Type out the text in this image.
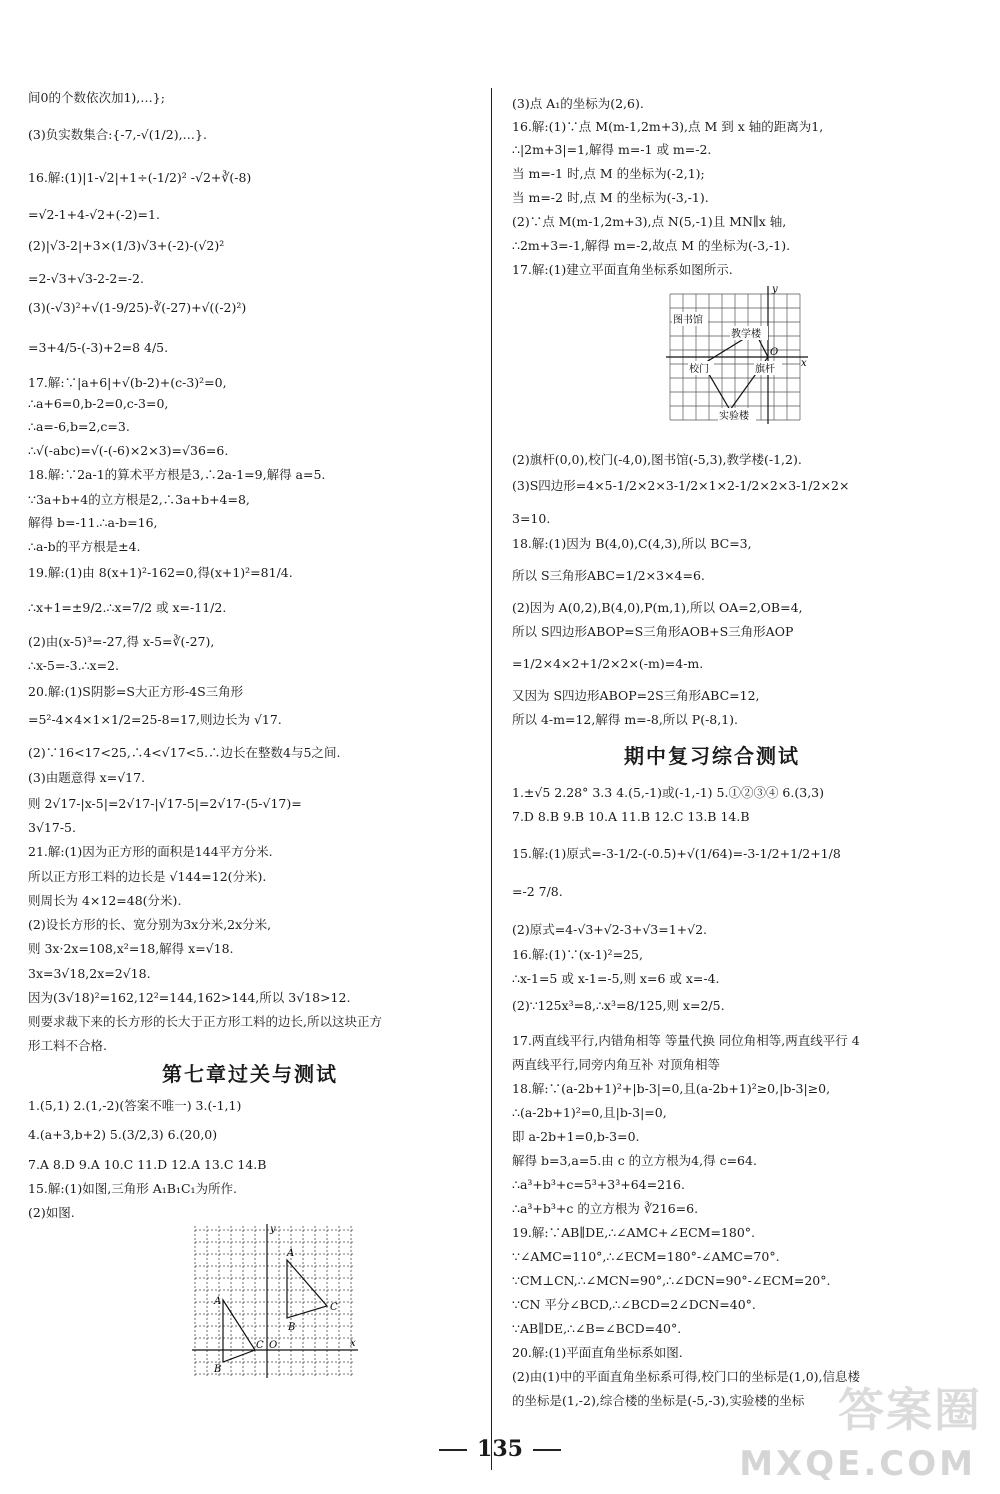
间0的个数依次加1),…};
(3)负实数集合:{-7,-√(1/2),…}.
16.解:(1)|1-√2|+1÷(-1/2)² -√2+∛(-8)
=√2-1+4-√2+(-2)=1.
(2)|√3-2|+3×(1/3)√3+(-2)-(√2)²
=2-√3+√3-2-2=-2.
(3)(-√3)²+√(1-9/25)-∛(-27)+√((-2)²)
=3+4/5-(-3)+2=8 4/5.
17.解:∵|a+6|+√(b-2)+(c-3)²=0,
∴a+6=0,b-2=0,c-3=0,
∴a=-6,b=2,c=3.
∴√(-abc)=√(-(-6)×2×3)=√36=6.
18.解:∵2a-1的算术平方根是3,∴2a-1=9,解得 a=5.
∵3a+b+4的立方根是2,∴3a+b+4=8,
解得 b=-11.∴a-b=16,
∴a-b的平方根是±4.
19.解:(1)由 8(x+1)²-162=0,得(x+1)²=81/4.
∴x+1=±9/2.∴x=7/2 或 x=-11/2.
(2)由(x-5)³=-27,得 x-5=∛(-27),
∴x-5=-3.∴x=2.
20.解:(1)S阴影=S大正方形-4S三角形
=5²-4×4×1×1/2=25-8=17,则边长为 √17.
(2)∵16<17<25,∴4<√17<5.∴边长在整数4与5之间.
(3)由题意得 x=√17.
则 2√17-|x-5|=2√17-|√17-5|=2√17-(5-√17)=
3√17-5.
21.解:(1)因为正方形的面积是144平方分米.
所以正方形工料的边长是 √144=12(分米).
则周长为 4×12=48(分米).
(2)设长方形的长、宽分别为3x分米,2x分米,
则 3x·2x=108,x²=18,解得 x=√18.
3x=3√18,2x=2√18.
因为(3√18)²=162,12²=144,162>144,所以 3√18>12.
则要求裁下来的长方形的长大于正方形工料的边长,所以这块正方
形工料不合格.
1.(5,1) 2.(1,-2)(答案不唯一) 3.(-1,1)
4.(a+3,b+2) 5.(3/2,3) 6.(20,0)
7.A 8.D 9.A 10.C 11.D 12.A 13.C 14.B
15.解:(1)如图,三角形 A₁B₁C₁为所作.
(2)如图.
(3)点 A₁的坐标为(2,6).
16.解:(1)∵点 M(m-1,2m+3),点 M 到 x 轴的距离为1,
∴|2m+3|=1,解得 m=-1 或 m=-2.
当 m=-1 时,点 M 的坐标为(-2,1);
当 m=-2 时,点 M 的坐标为(-3,-1).
(2)∵点 M(m-1,2m+3),点 N(5,-1)且 MN∥x 轴,
∴2m+3=-1,解得 m=-2,故点 M 的坐标为(-3,-1).
17.解:(1)建立平面直角坐标系如图所示.
(2)旗杆(0,0),校门(-4,0),图书馆(-5,3),教学楼(-1,2).
(3)S四边形=4×5-1/2×2×3-1/2×1×2-1/2×2×3-1/2×2×
3=10.
18.解:(1)因为 B(4,0),C(4,3),所以 BC=3,
所以 S三角形ABC=1/2×3×4=6.
(2)因为 A(0,2),B(4,0),P(m,1),所以 OA=2,OB=4,
所以 S四边形ABOP=S三角形AOB+S三角形AOP
=1/2×4×2+1/2×2×(-m)=4-m.
又因为 S四边形ABOP=2S三角形ABC=12,
所以 4-m=12,解得 m=-8,所以 P(-8,1).
1.±√5 2.28° 3.3 4.(5,-1)或(-1,-1) 5.①②③④ 6.(3,3)
7.D 8.B 9.B 10.A 11.B 12.C 13.B 14.B
15.解:(1)原式=-3-1/2-(-0.5)+√(1/64)=-3-1/2+1/2+1/8
=-2 7/8.
(2)原式=4-√3+√2-3+√3=1+√2.
16.解:(1)∵(x-1)²=25,
∴x-1=5 或 x-1=-5,则 x=6 或 x=-4.
(2)∵125x³=8,∴x³=8/125,则 x=2/5.
17.两直线平行,内错角相等 等量代换 同位角相等,两直线平行 4
两直线平行,同旁内角互补 对顶角相等
18.解:∵(a-2b+1)²+|b-3|=0,且(a-2b+1)²≥0,|b-3|≥0,
∴(a-2b+1)²=0,且|b-3|=0,
即 a-2b+1=0,b-3=0.
解得 b=3,a=5.由 c 的立方根为4,得 c=64.
∴a³+b³+c=5³+3³+64=216.
∴a³+b³+c 的立方根为 ∛216=6.
19.解:∵AB∥DE,∴∠AMC+∠ECM=180°.
∵∠AMC=110°,∴∠ECM=180°-∠AMC=70°.
∵CM⊥CN,∴∠MCN=90°,∴∠DCN=90°-∠ECM=20°.
∵CN 平分∠BCD,∴∠BCD=2∠DCN=40°.
∵AB∥DE,∴∠B=∠BCD=40°.
20.解:(1)平面直角坐标系如图.
(2)由(1)中的平面直角坐标系可得,校门口的坐标是(1,0),信息楼
的坐标是(1,-2),综合楼的坐标是(-5,-3),实验楼的坐标
第七章过关与测试
期中复习综合测试
y
x
O
A
B
C
A
B
C
图书馆
教学楼
校门	旗杆
实验楼
y
x
O
135
答案圈
MXQE.COM
